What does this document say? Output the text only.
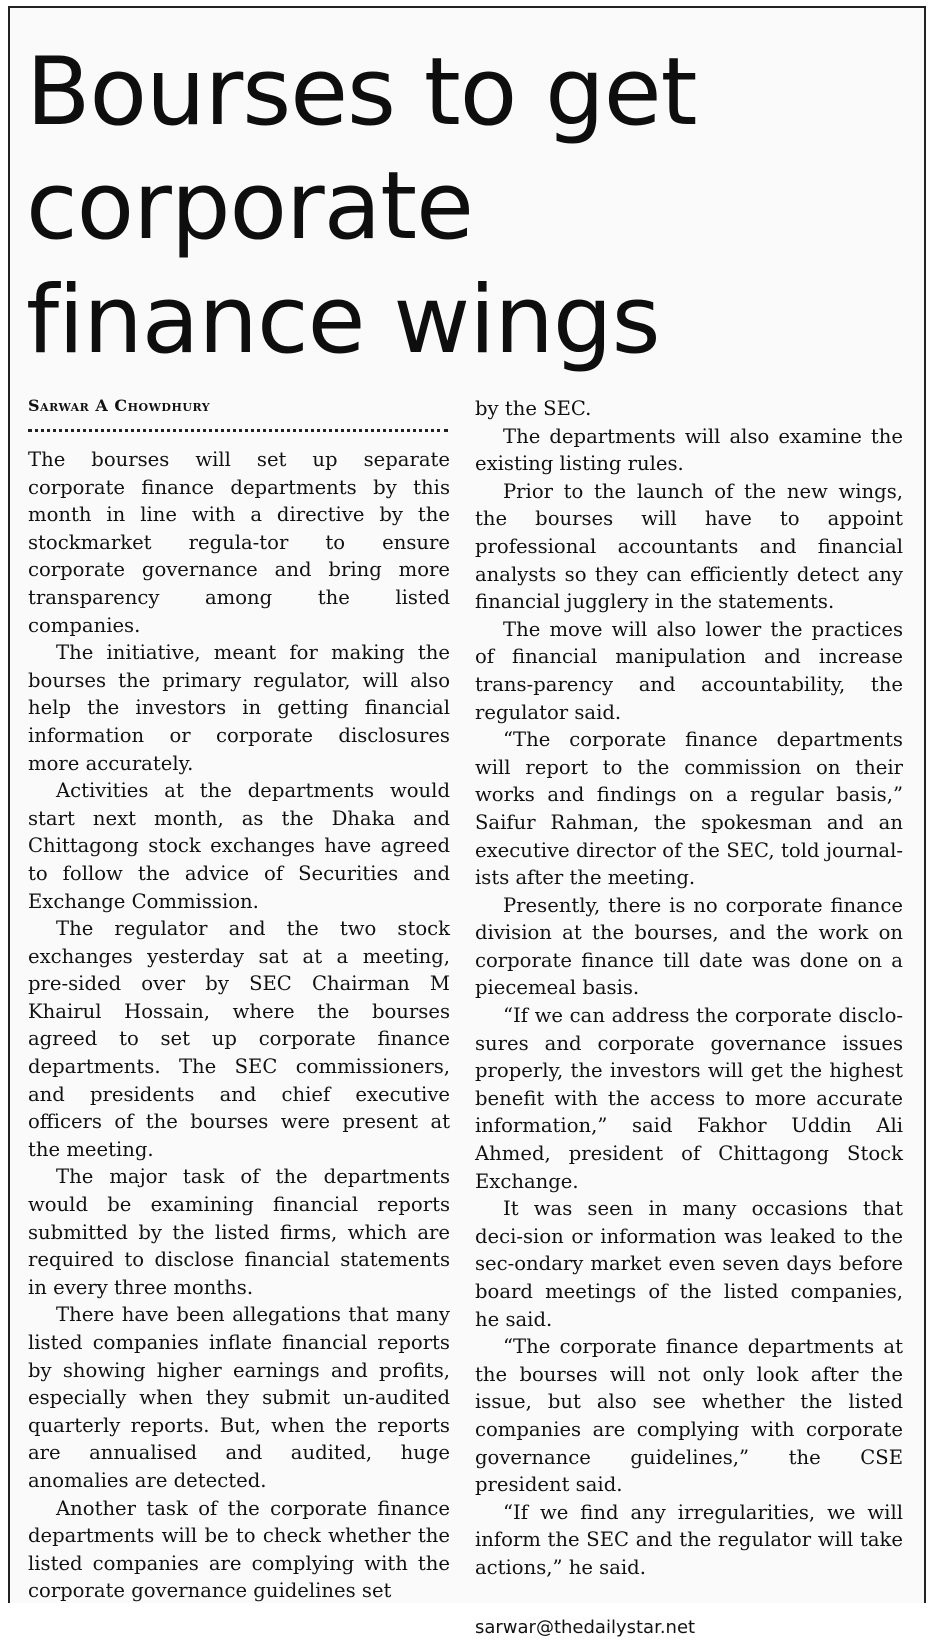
Bourses to get
corporate
finance wings
Sarwar A Chowdhury

The bourses will set up separate corporate finance departments by this month in line with a directive by the stockmarket regula-tor to ensure corporate governance and bring more transparency among the listed companies.

The initiative, meant for making the bourses the primary regulator, will also help the investors in getting financial information or corporate disclosures more accurately.

Activities at the departments would start next month, as the Dhaka and Chittagong stock exchanges have agreed to follow the advice of Securities and Exchange Commission.

The regulator and the two stock exchanges yesterday sat at a meeting, pre-sided over by SEC Chairman M Khairul Hossain, where the bourses agreed to set up corporate finance departments. The SEC commissioners, and presidents and chief executive officers of the bourses were present at the meeting.

The major task of the departments would be examining financial reports submitted by the listed firms, which are required to disclose financial statements in every three months.

There have been allegations that many listed companies inflate financial reports by showing higher earnings and profits, especially when they submit un-audited quarterly reports. But, when the reports are annualised and audited, huge anomalies are detected.

Another task of the corporate finance departments will be to check whether the listed companies are complying with the corporate governance guidelines set

by the SEC.

The departments will also examine the existing listing rules.

Prior to the launch of the new wings, the bourses will have to appoint professional accountants and financial analysts so they can efficiently detect any financial jugglery in the statements.

The move will also lower the practices of financial manipulation and increase trans-parency and accountability, the regulator said.

“The corporate finance departments will report to the commission on their works and findings on a regular basis,” Saifur Rahman, the spokesman and an executive director of the SEC, told journal-ists after the meeting.

Presently, there is no corporate finance division at the bourses, and the work on corporate finance till date was done on a piecemeal basis.

“If we can address the corporate disclo-sures and corporate governance issues properly, the investors will get the highest benefit with the access to more accurate information,” said Fakhor Uddin Ali Ahmed, president of Chittagong Stock Exchange.

It was seen in many occasions that deci-sion or information was leaked to the sec-ondary market even seven days before board meetings of the listed companies, he said.

“The corporate finance departments at the bourses will not only look after the issue, but also see whether the listed companies are complying with corporate governance guidelines,” the CSE president said.

“If we find any irregularities, we will inform the SEC and the regulator will take actions,” he said.

sarwar@thedailystar.net
